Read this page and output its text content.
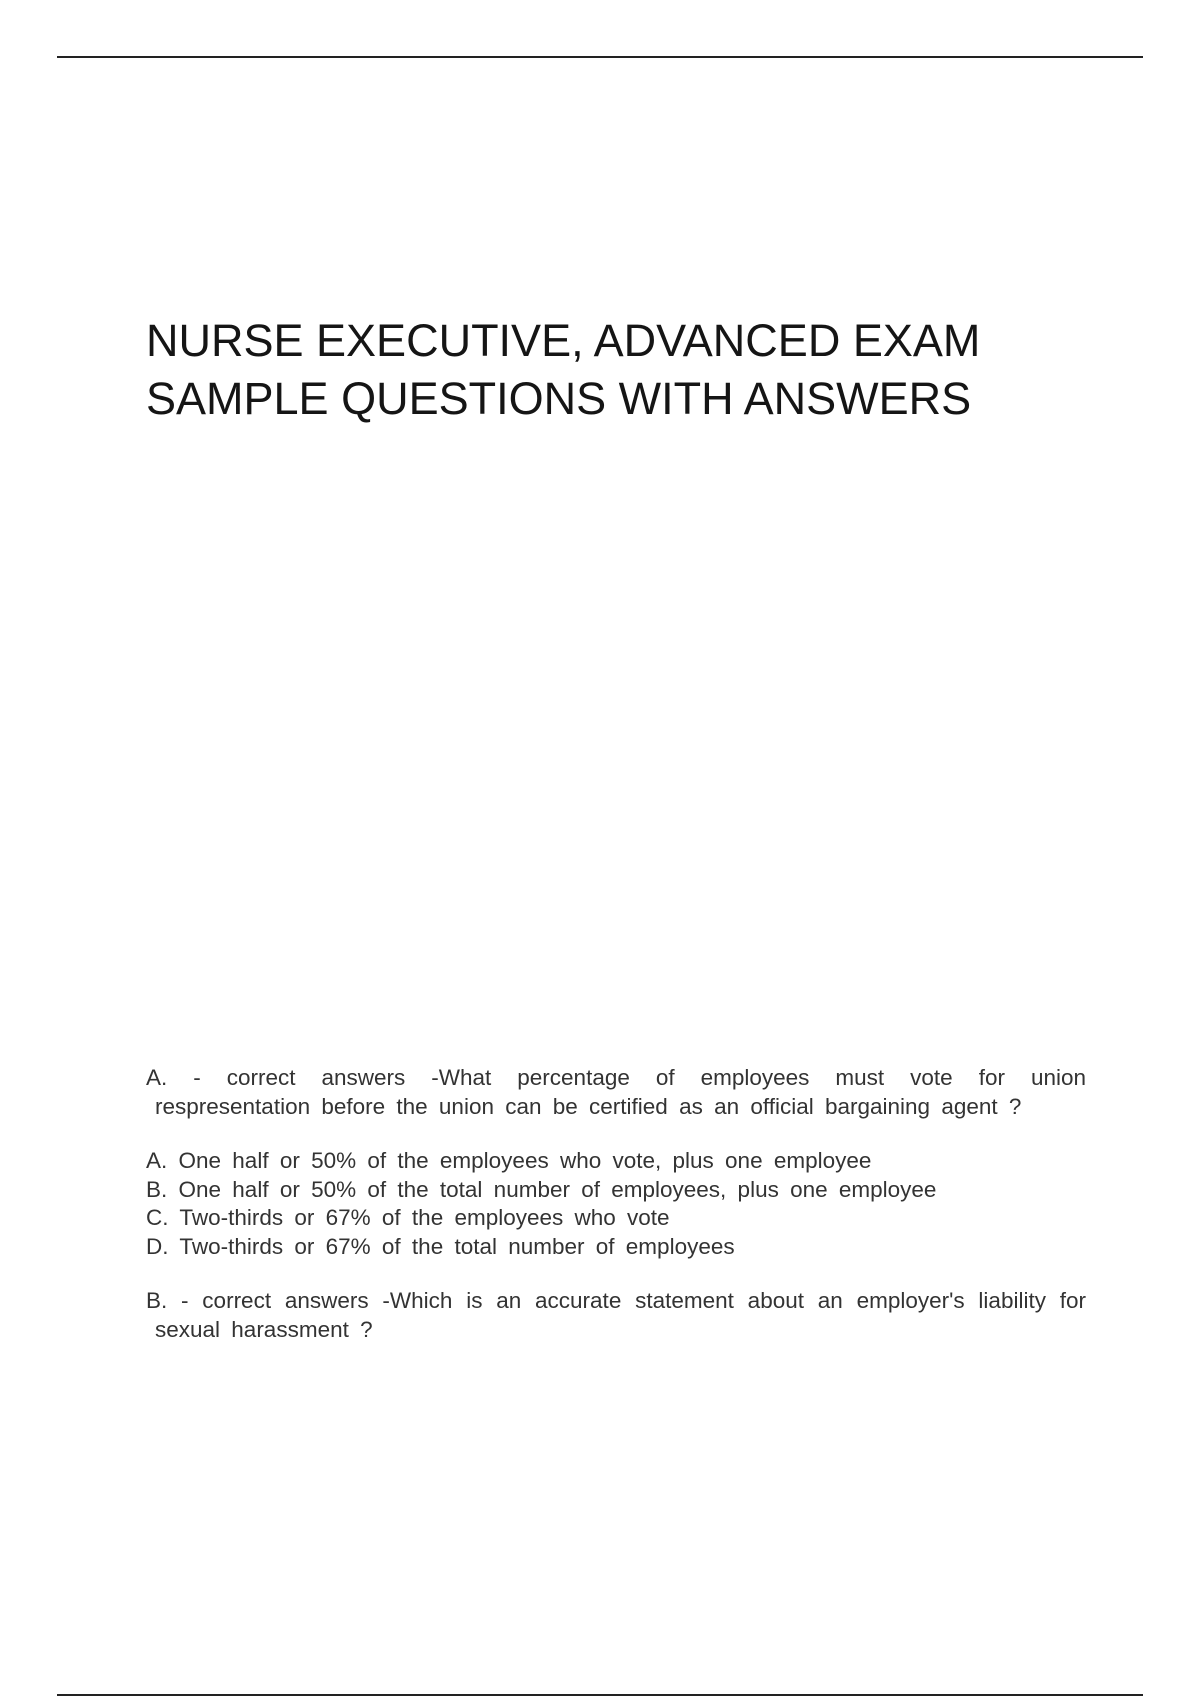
NURSE EXECUTIVE, ADVANCED EXAM
SAMPLE QUESTIONS WITH ANSWERS

A. - correct answers -What percentage of employees must vote for union respresentation before the union can be certified as an official bargaining agent ?

A. One half or 50% of the employees who vote, plus one employee
B. One half or 50% of the total number of employees, plus one employee
C. Two-thirds or 67% of the employees who vote
D. Two-thirds or 67% of the total number of employees

B. - correct answers -Which is an accurate statement about an employer's liability for sexual harassment ?
